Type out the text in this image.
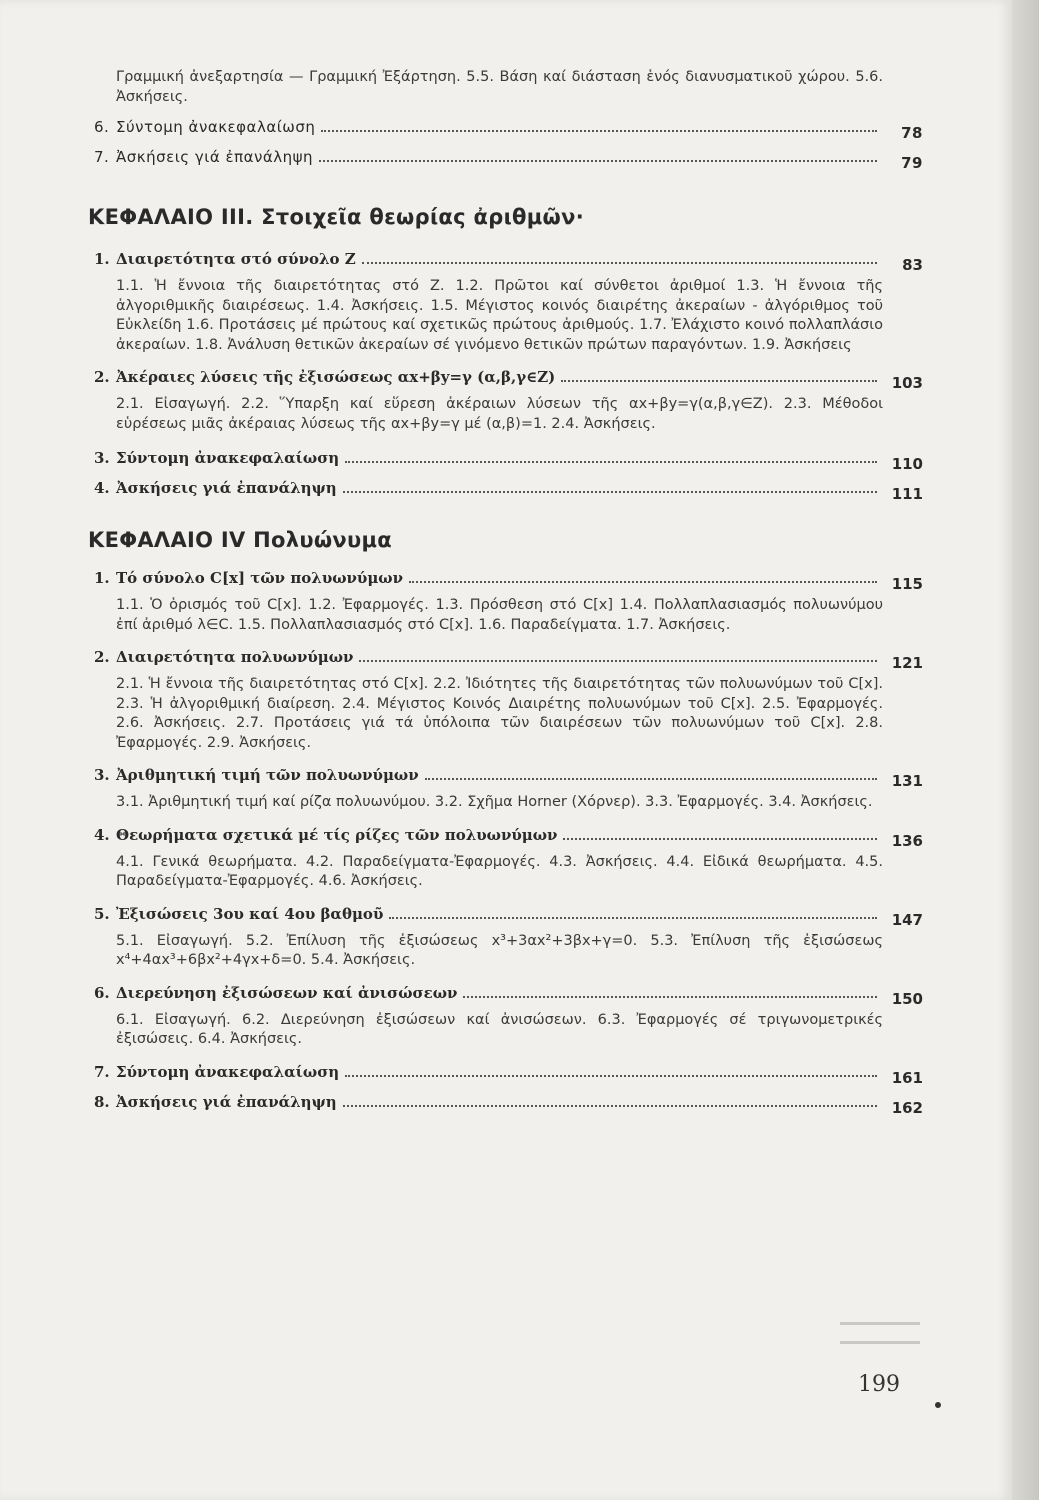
Γραμμική ἀνεξαρτησία — Γραμμική Ἐξάρτηση. 5.5. Βάση καί διάσταση ἑνός διανυσματικοῦ χώρου. 5.6. Ἀσκήσεις.
6. Σύντομη ἀνακεφαλαίωση	78
7. Ἀσκήσεις γιά ἐπανάληψη	79
ΚΕΦΑΛΑΙΟ III. Στοιχεῖα θεωρίας ἀριθμῶν·
1. Διαιρετότητα στό σύνολο Z	83
1.1. Ἡ ἔννοια τῆς διαιρετότητας στό Z. 1.2. Πρῶτοι καί σύνθετοι ἀριθμοί 1.3. Ἡ ἔννοια τῆς ἀλγοριθμικῆς διαιρέσεως. 1.4. Ἀσκήσεις. 1.5. Μέγιστος κοινός διαιρέτης ἀκεραίων - ἀλγόριθμος τοῦ Εὐκλείδη 1.6. Προτάσεις μέ πρώτους καί σχετικῶς πρώτους ἀριθμούς. 1.7. Ἐλάχιστο κοινό πολλαπλάσιο ἀκεραίων. 1.8. Ἀνάλυση θετικῶν ἀκεραίων σέ γινόμενο θετικῶν πρώτων παραγόντων. 1.9. Ἀσκήσεις
2. Ἀκέραιες λύσεις τῆς ἐξισώσεως αx+βy=γ (α,β,γ∈Z)	103
2.1. Εἰσαγωγή. 2.2. Ὕπαρξη καί εὕρεση ἀκέραιων λύσεων τῆς αx+βy=γ(α,β,γ∈Z). 2.3. Μέθοδοι εὑρέσεως μιᾶς ἀκέραιας λύσεως τῆς αx+βy=γ μέ (α,β)=1. 2.4. Ἀσκήσεις.
3. Σύντομη ἀνακεφαλαίωση	110
4. Ἀσκήσεις γιά ἐπανάληψη	111
ΚΕΦΑΛΑΙΟ IV Πολυώνυμα
1. Τό σύνολο C[x] τῶν πολυωνύμων	115
1.1. Ὁ ὁρισμός τοῦ C[x]. 1.2. Ἐφαρμογές. 1.3. Πρόσθεση στό C[x] 1.4. Πολλαπλασιασμός πολυωνύμου ἐπί ἀριθμό λ∈C. 1.5. Πολλαπλασιασμός στό C[x]. 1.6. Παραδείγματα. 1.7. Ἀσκήσεις.
2. Διαιρετότητα πολυωνύμων	121
2.1. Ἡ ἔννοια τῆς διαιρετότητας στό C[x]. 2.2. Ἰδιότητες τῆς διαιρετότητας τῶν πολυωνύμων τοῦ C[x]. 2.3. Ἡ ἀλγοριθμική διαίρεση. 2.4. Μέγιστος Κοινός Διαιρέτης πολυωνύμων τοῦ C[x]. 2.5. Ἐφαρμογές. 2.6. Ἀσκήσεις. 2.7. Προτάσεις γιά τά ὑπόλοιπα τῶν διαιρέσεων τῶν πολυωνύμων τοῦ C[x]. 2.8. Ἐφαρμογές. 2.9. Ἀσκήσεις.
3. Ἀριθμητική τιμή τῶν πολυωνύμων	131
3.1. Ἀριθμητική τιμή καί ρίζα πολυωνύμου. 3.2. Σχῆμα Horner (Χόρνερ). 3.3. Ἐφαρμογές. 3.4. Ἀσκήσεις.
4. Θεωρήματα σχετικά μέ τίς ρίζες τῶν πολυωνύμων	136
4.1. Γενικά θεωρήματα. 4.2. Παραδείγματα-Ἐφαρμογές. 4.3. Ἀσκήσεις. 4.4. Εἰδικά θεωρήματα. 4.5. Παραδείγματα-Ἐφαρμογές. 4.6. Ἀσκήσεις.
5. Ἐξισώσεις 3ου καί 4ου βαθμοῦ	147
5.1. Εἰσαγωγή. 5.2. Ἐπίλυση τῆς ἐξισώσεως x³+3αx²+3βx+γ=0. 5.3. Ἐπίλυση τῆς ἐξισώσεως x⁴+4αx³+6βx²+4γx+δ=0. 5.4. Ἀσκήσεις.
6. Διερεύνηση ἐξισώσεων καί ἀνισώσεων	150
6.1. Εἰσαγωγή. 6.2. Διερεύνηση ἐξισώσεων καί ἀνισώσεων. 6.3. Ἐφαρμογές σέ τριγωνομετρικές ἐξισώσεις. 6.4. Ἀσκήσεις.
7. Σύντομη ἀνακεφαλαίωση	161
8. Ἀσκήσεις γιά ἐπανάληψη	162
199
